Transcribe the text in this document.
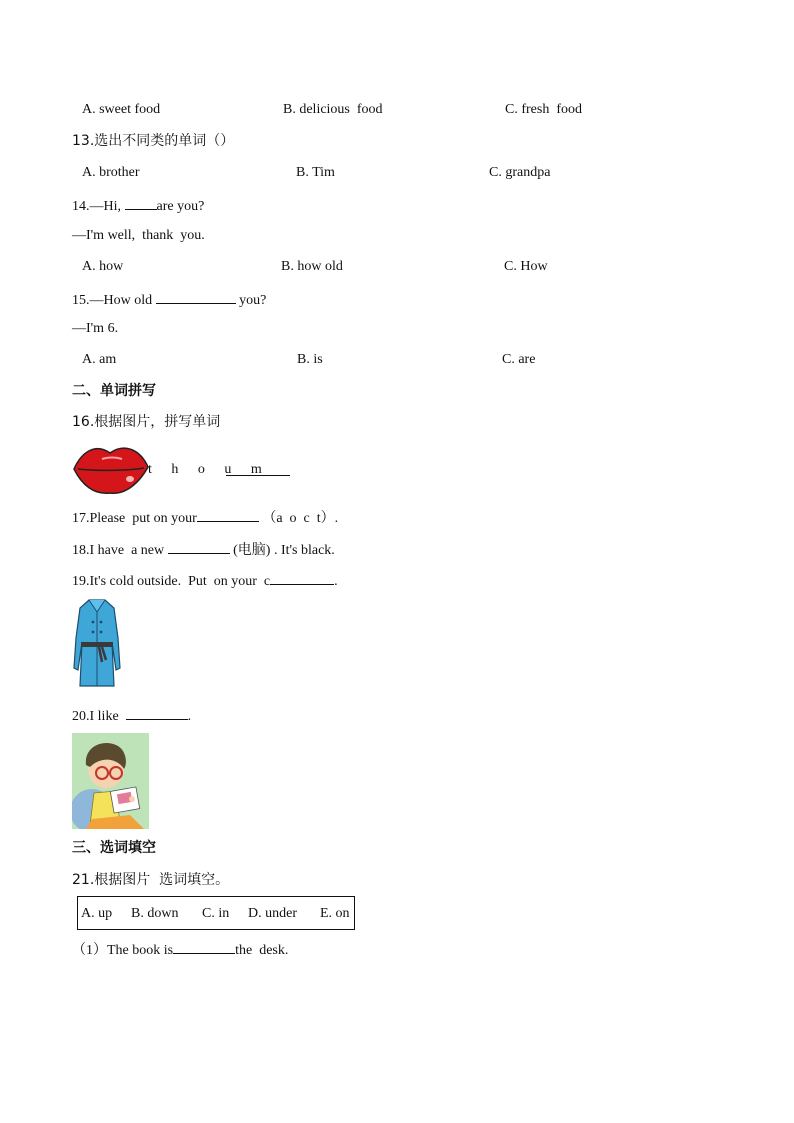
A. sweet food	B. delicious  food	C. fresh  food
13.选出不同类的单词（）
A. brother	B. Tim	C. grandpa
14.—Hi, are you?
—I'm well,  thank  you.
A. how	B. how old	C. How
15.—How old	you?
—I'm 6.
A. am	B. is	C. are
二、单词拼写
16.根据图片，拼写单词
t h o u m
17.Please  put on your	（a  o  c  t）.
18.I have  a new	(电脑) . It's black.
19.It's cold outside.  Put  on your  c	.
20.I like	.
三、选词填空
21.根据图片  选词填空。
A. up B. down C. in D. under E. on
（1）The book is	the  desk.
